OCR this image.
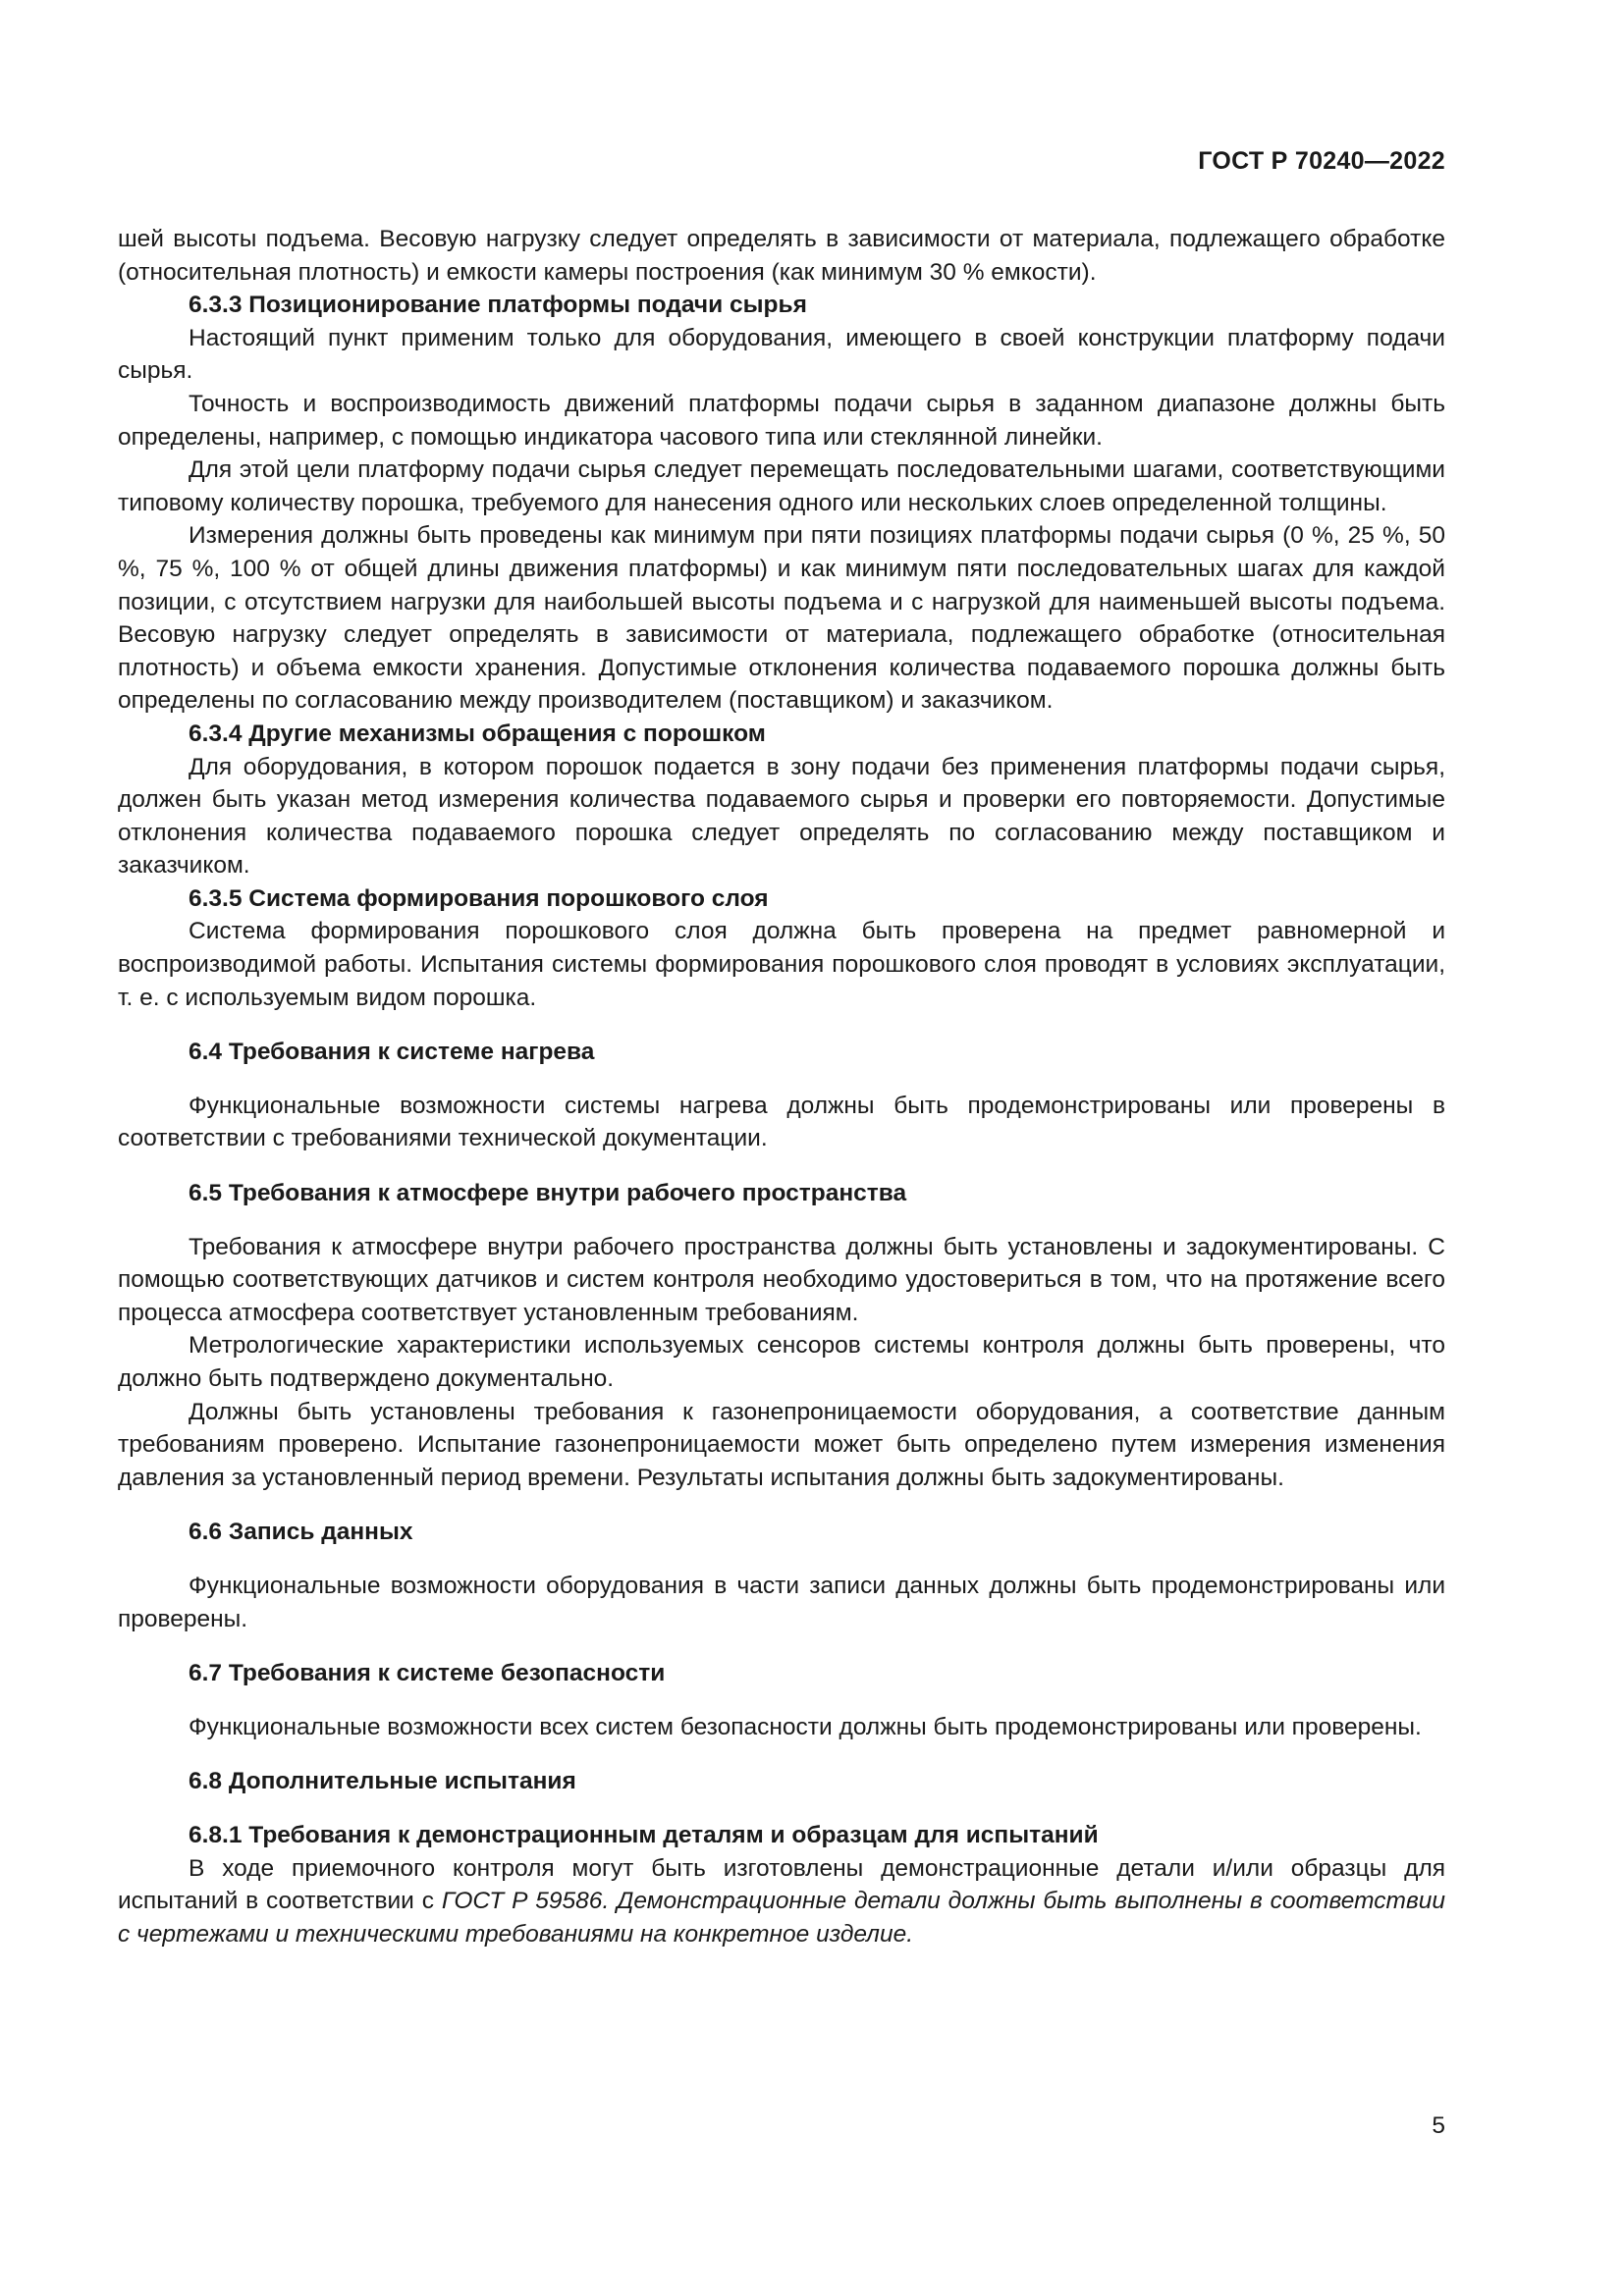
ГОСТ Р 70240—2022

шей высоты подъема. Весовую нагрузку следует определять в зависимости от материала, подлежащего обработке (относительная плотность) и емкости камеры построения (как минимум 30 % емкости).

6.3.3 Позиционирование платформы подачи сырья

Настоящий пункт применим только для оборудования, имеющего в своей конструкции платформу подачи сырья.

Точность и воспроизводимость движений платформы подачи сырья в заданном диапазоне должны быть определены, например, с помощью индикатора часового типа или стеклянной линейки.

Для этой цели платформу подачи сырья следует перемещать последовательными шагами, соответствующими типовому количеству порошка, требуемого для нанесения одного или нескольких слоев определенной толщины.

Измерения должны быть проведены как минимум при пяти позициях платформы подачи сырья (0 %, 25 %, 50 %, 75 %, 100 % от общей длины движения платформы) и как минимум пяти последовательных шагах для каждой позиции, с отсутствием нагрузки для наибольшей высоты подъема и с нагрузкой для наименьшей высоты подъема. Весовую нагрузку следует определять в зависимости от материала, подлежащего обработке (относительная плотность) и объема емкости хранения. Допустимые отклонения количества подаваемого порошка должны быть определены по согласованию между производителем (поставщиком) и заказчиком.

6.3.4 Другие механизмы обращения с порошком

Для оборудования, в котором порошок подается в зону подачи без применения платформы подачи сырья, должен быть указан метод измерения количества подаваемого сырья и проверки его повторяемости. Допустимые отклонения количества подаваемого порошка следует определять по согласованию между поставщиком и заказчиком.

6.3.5 Система формирования порошкового слоя

Система формирования порошкового слоя должна быть проверена на предмет равномерной и воспроизводимой работы. Испытания системы формирования порошкового слоя проводят в условиях эксплуатации, т. е. с используемым видом порошка.

6.4 Требования к системе нагрева

Функциональные возможности системы нагрева должны быть продемонстрированы или проверены в соответствии с требованиями технической документации.

6.5 Требования к атмосфере внутри рабочего пространства

Требования к атмосфере внутри рабочего пространства должны быть установлены и задокументированы. С помощью соответствующих датчиков и систем контроля необходимо удостовериться в том, что на протяжение всего процесса атмосфера соответствует установленным требованиям.

Метрологические характеристики используемых сенсоров системы контроля должны быть проверены, что должно быть подтверждено документально.

Должны быть установлены требования к газонепроницаемости оборудования, а соответствие данным требованиям проверено. Испытание газонепроницаемости может быть определено путем измерения изменения давления за установленный период времени. Результаты испытания должны быть задокументированы.

6.6 Запись данных

Функциональные возможности оборудования в части записи данных должны быть продемонстрированы или проверены.

6.7 Требования к системе безопасности

Функциональные возможности всех систем безопасности должны быть продемонстрированы или проверены.

6.8 Дополнительные испытания

6.8.1 Требования к демонстрационным деталям и образцам для испытаний

В ходе приемочного контроля могут быть изготовлены демонстрационные детали и/или образцы для испытаний в соответствии с ГОСТ Р 59586. Демонстрационные детали должны быть выполнены в соответствии с чертежами и техническими требованиями на конкретное изделие.

5
